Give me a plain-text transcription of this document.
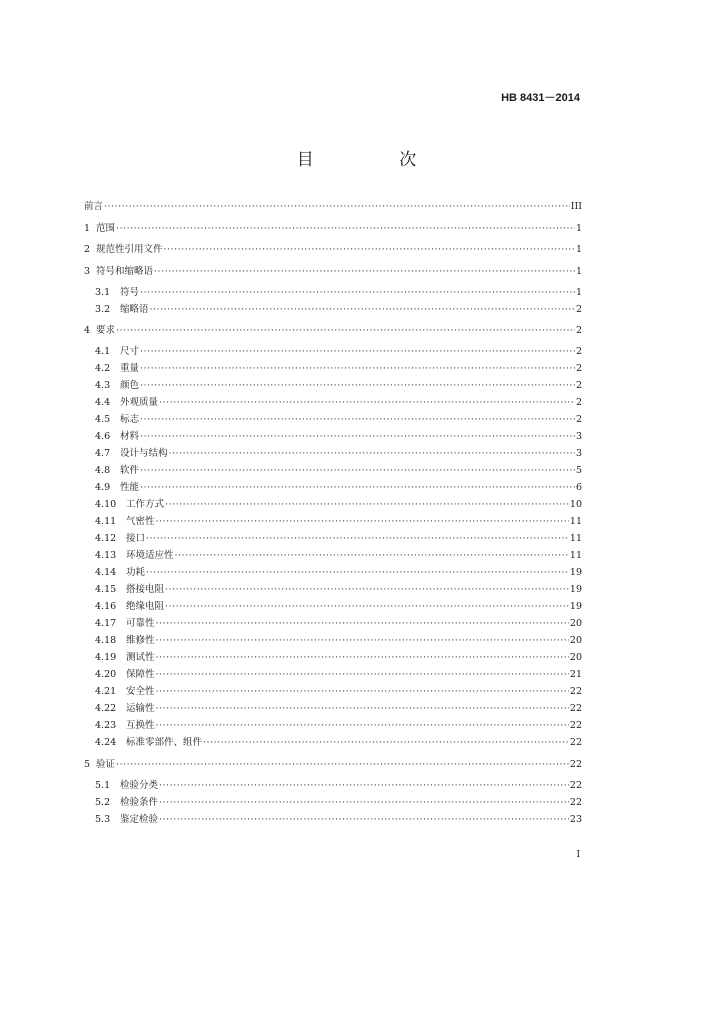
HB 8431－2014
目 次
前言 ·····	III
1 范围 ·····	1
2 规范性引用文件 ·····	1
3 符号和缩略语 ·····	1
3.1	符号 ·····	1
3.2	缩略语 ·····	2
4 要求 ·····	2
4.1	尺寸 ·····	2
4.2	重量 ·····	2
4.3	颜色 ·····	2
4.4	外观质量 ·····	2
4.5	标志 ·····	2
4.6	材料 ·····	3
4.7	设计与结构 ·····	3
4.8	软件 ·····	5
4.9	性能 ·····	6
4.10	工作方式 ·····	10
4.11	气密性 ·····	11
4.12	接口 ·····	11
4.13	环境适应性 ·····	11
4.14	功耗 ·····	19
4.15	搭接电阻 ·····	19
4.16	绝缘电阻 ·····	19
4.17	可靠性 ·····	20
4.18	维修性 ·····	20
4.19	测试性 ·····	20
4.20	保障性 ·····	21
4.21	安全性 ·····	22
4.22	运输性 ·····	22
4.23	互换性 ·····	22
4.24	标准零部件、组件 ·····	22
5 验证 ·····	22
5.1	检验分类 ·····	22
5.2	检验条件 ·····	22
5.3	鉴定检验 ·····	23
I
